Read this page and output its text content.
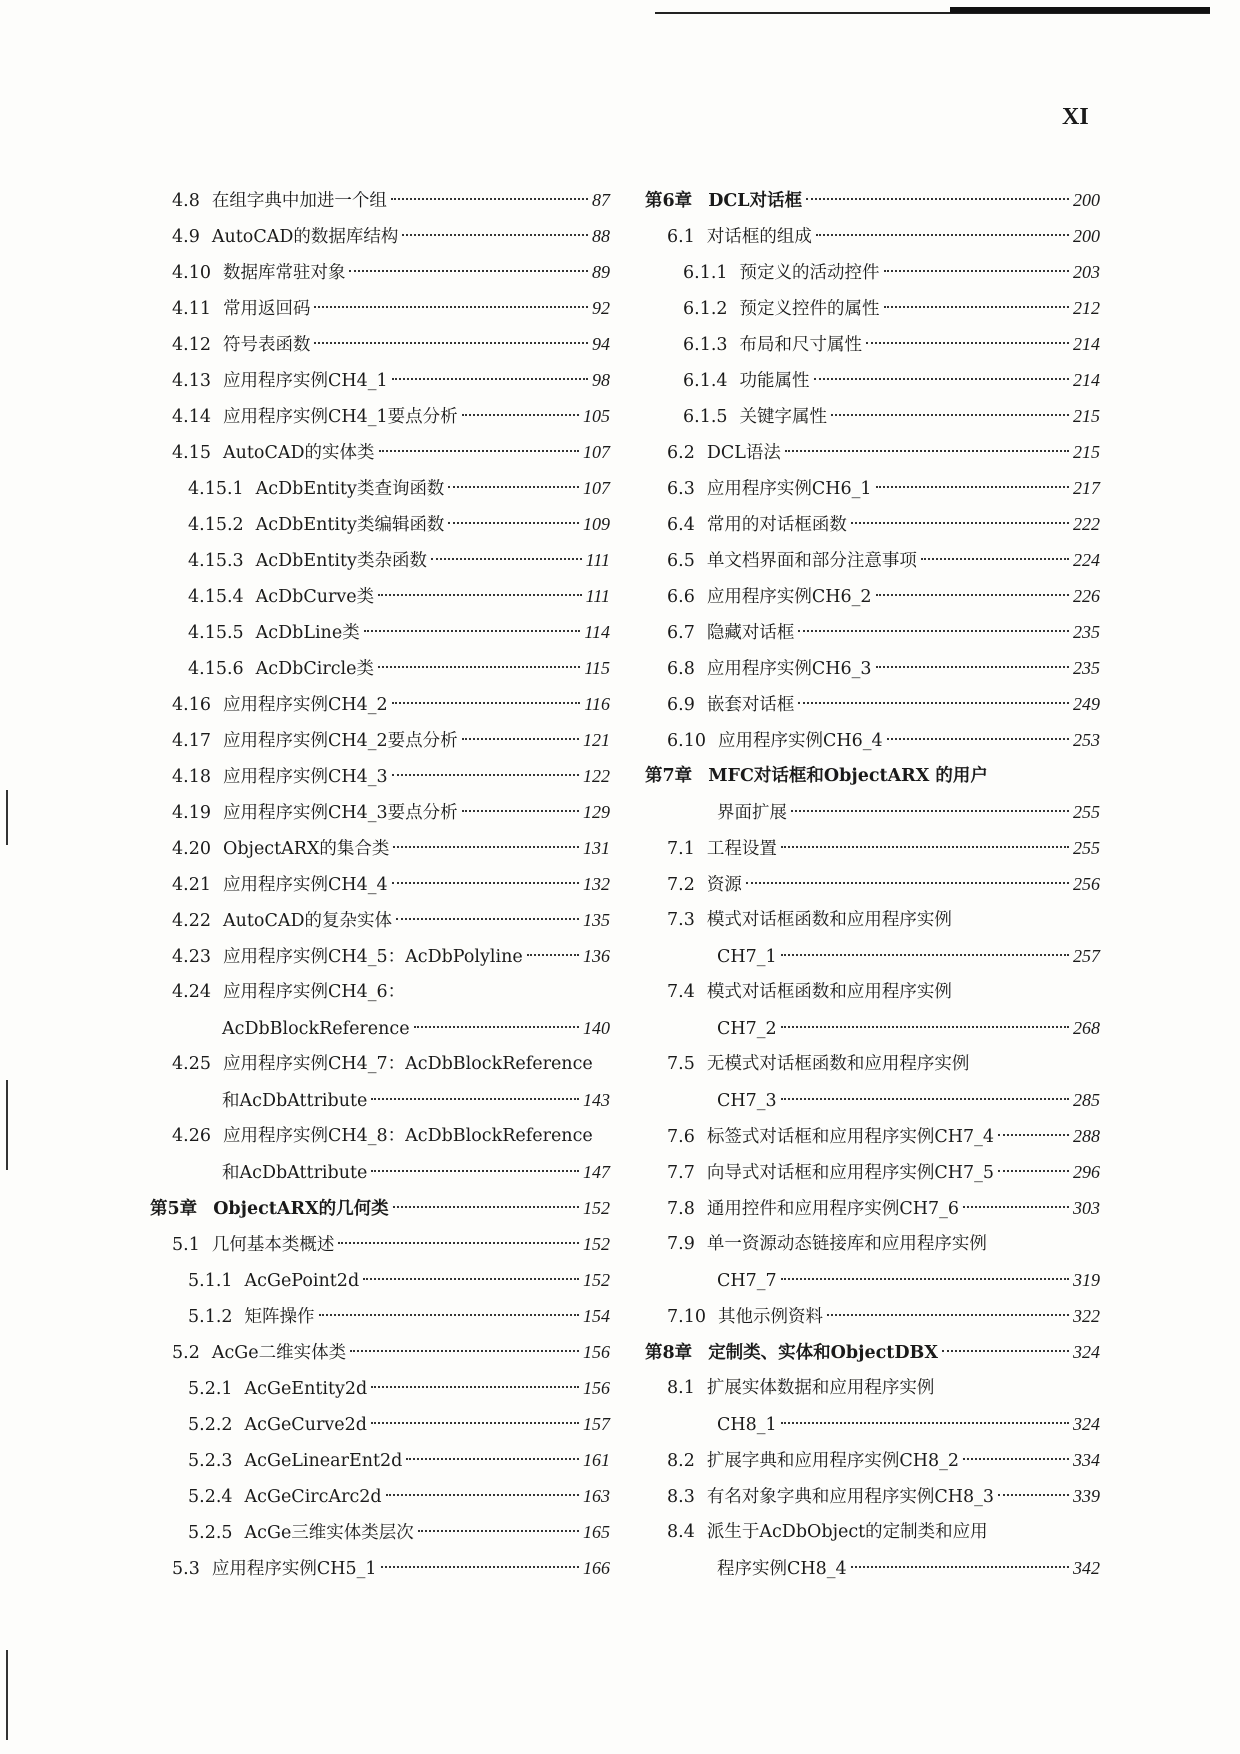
XI
4.8 在组字典中加进一个组	87
4.9 AutoCAD的数据库结构	88
4.10 数据库常驻对象	89
4.11 常用返回码	92
4.12 符号表函数	94
4.13 应用程序实例CH4_1	98
4.14 应用程序实例CH4_1要点分析	105
4.15 AutoCAD的实体类	107
4.15.1 AcDbEntity类查询函数	107
4.15.2 AcDbEntity类编辑函数	109
4.15.3 AcDbEntity类杂函数	111
4.15.4 AcDbCurve类	111
4.15.5 AcDbLine类	114
4.15.6 AcDbCircle类	115
4.16 应用程序实例CH4_2	116
4.17 应用程序实例CH4_2要点分析	121
4.18 应用程序实例CH4_3	122
4.19 应用程序实例CH4_3要点分析	129
4.20 ObjectARX的集合类	131
4.21 应用程序实例CH4_4	132
4.22 AutoCAD的复杂实体	135
4.23 应用程序实例CH4_5：AcDbPolyline	136
4.24 应用程序实例CH4_6：
AcDbBlockReference	140
4.25 应用程序实例CH4_7：AcDbBlockReference
和AcDbAttribute	143
4.26 应用程序实例CH4_8：AcDbBlockReference
和AcDbAttribute	147
第5章 ObjectARX的几何类	152
5.1 几何基本类概述	152
5.1.1 AcGePoint2d	152
5.1.2 矩阵操作	154
5.2 AcGe二维实体类	156
5.2.1 AcGeEntity2d	156
5.2.2 AcGeCurve2d	157
5.2.3 AcGeLinearEnt2d	161
5.2.4 AcGeCircArc2d	163
5.2.5 AcGe三维实体类层次	165
5.3 应用程序实例CH5_1	166
第6章 DCL对话框	200
6.1 对话框的组成	200
6.1.1 预定义的活动控件	203
6.1.2 预定义控件的属性	212
6.1.3 布局和尺寸属性	214
6.1.4 功能属性	214
6.1.5 关键字属性	215
6.2 DCL语法	215
6.3 应用程序实例CH6_1	217
6.4 常用的对话框函数	222
6.5 单文档界面和部分注意事项	224
6.6 应用程序实例CH6_2	226
6.7 隐藏对话框	235
6.8 应用程序实例CH6_3	235
6.9 嵌套对话框	249
6.10 应用程序实例CH6_4	253
第7章 MFC对话框和ObjectARX 的用户
界面扩展	255
7.1 工程设置	255
7.2 资源	256
7.3 模式对话框函数和应用程序实例
CH7_1	257
7.4 模式对话框函数和应用程序实例
CH7_2	268
7.5 无模式对话框函数和应用程序实例
CH7_3	285
7.6 标签式对话框和应用程序实例CH7_4	288
7.7 向导式对话框和应用程序实例CH7_5	296
7.8 通用控件和应用程序实例CH7_6	303
7.9 单一资源动态链接库和应用程序实例
CH7_7	319
7.10 其他示例资料	322
第8章 定制类、实体和ObjectDBX	324
8.1 扩展实体数据和应用程序实例
CH8_1	324
8.2 扩展字典和应用程序实例CH8_2	334
8.3 有名对象字典和应用程序实例CH8_3	339
8.4 派生于AcDbObject的定制类和应用
程序实例CH8_4	342
